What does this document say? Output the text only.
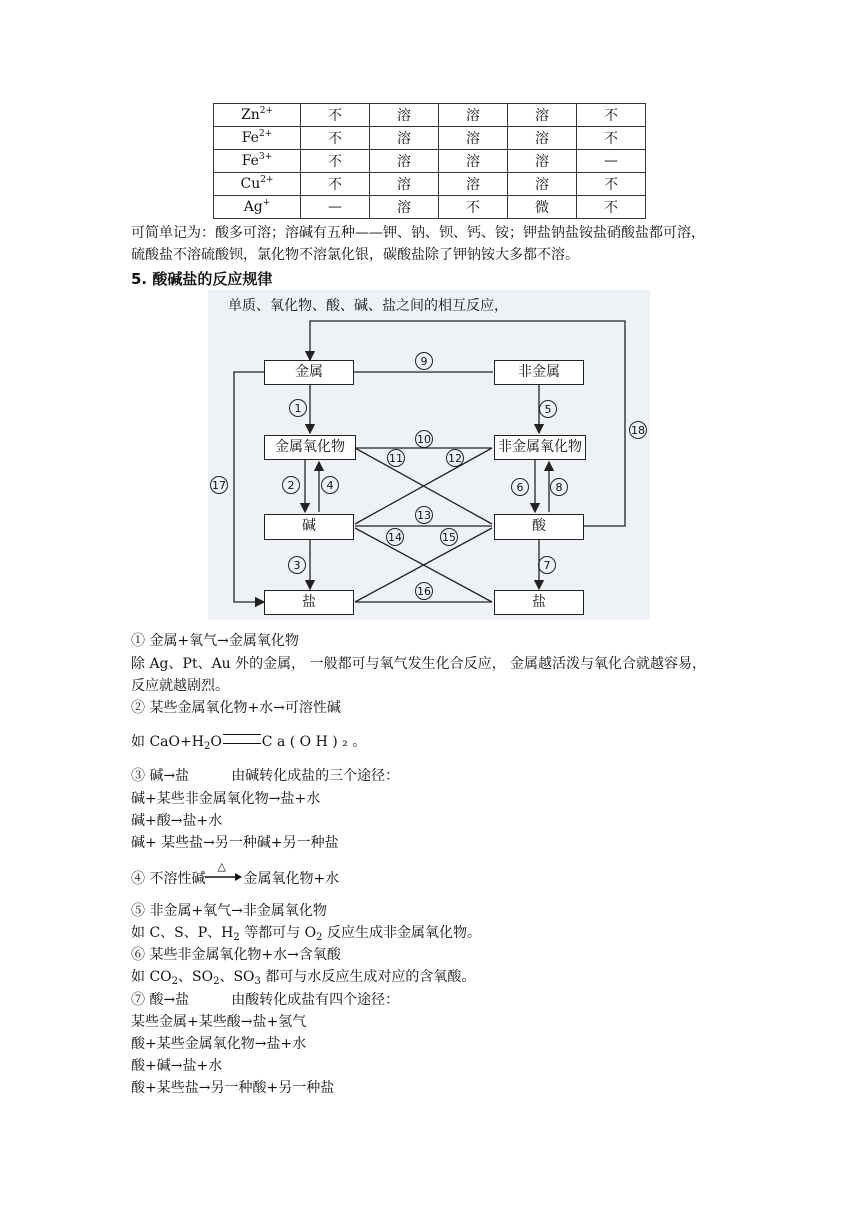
$Zn^{2+}$	不	溶	溶	溶	不
$Fe^{2+}$	不	溶	溶	溶	不
$Fe^{3+}$	不	溶	溶	溶	—
$Cu^{2+}$	不	溶	溶	溶	不
Ag+	—	溶	不	微	不
可简单记为：酸多可溶；溶碱有五种——钾、钠、钡、钙、铵；钾盐钠盐铵盐硝酸盐都可溶，
硫酸盐不溶硫酸钡，氯化物不溶氯化银，碳酸盐除了钾钠铵大多都不溶。
5. 酸碱盐的反应规律
单质、氧化物、酸、碱、盐之间的相互反应，
金属	非金属
金属氧化物	非金属氧化物
碱	酸
盐	盐
9
1	5
18
10
11	12
17	2	4	6	8
13
14	15
3	7
16
① 金属+氧气→金属氧化物
除 Ag、Pt、Au 外的金属， 一般都可与氧气发生化合反应， 金属越活泼与氧化合就越容易，
反应就越剧烈。
② 某些金属氧化物+水→可溶性碱
如 $CaO+H_2O$	C a ( O H ) ₂ 。
③ 碱→盐	由碱转化成盐的三个途径：
碱+某些非金属氧化物→盐+水
碱+酸→盐+水
碱+ 某些盐→另一种碱+另一种盐
④ 不溶性碱
△
金属氧化物+水
⑤ 非金属+氧气→非金属氧化物
如 C、S、P、$H_2$ 等都可与 $O_2$ 反应生成非金属氧化物。
⑥ 某些非金属氧化物+水→含氧酸
如 $CO_2$、$SO_2$、$SO_3$ 都可与水反应生成对应的含氧酸。
⑦ 酸→盐	由酸转化成盐有四个途径：
某些金属+某些酸→盐+氢气
酸+某些金属氧化物→盐+水
酸+碱→盐+水
酸+某些盐→另一种酸+另一种盐
